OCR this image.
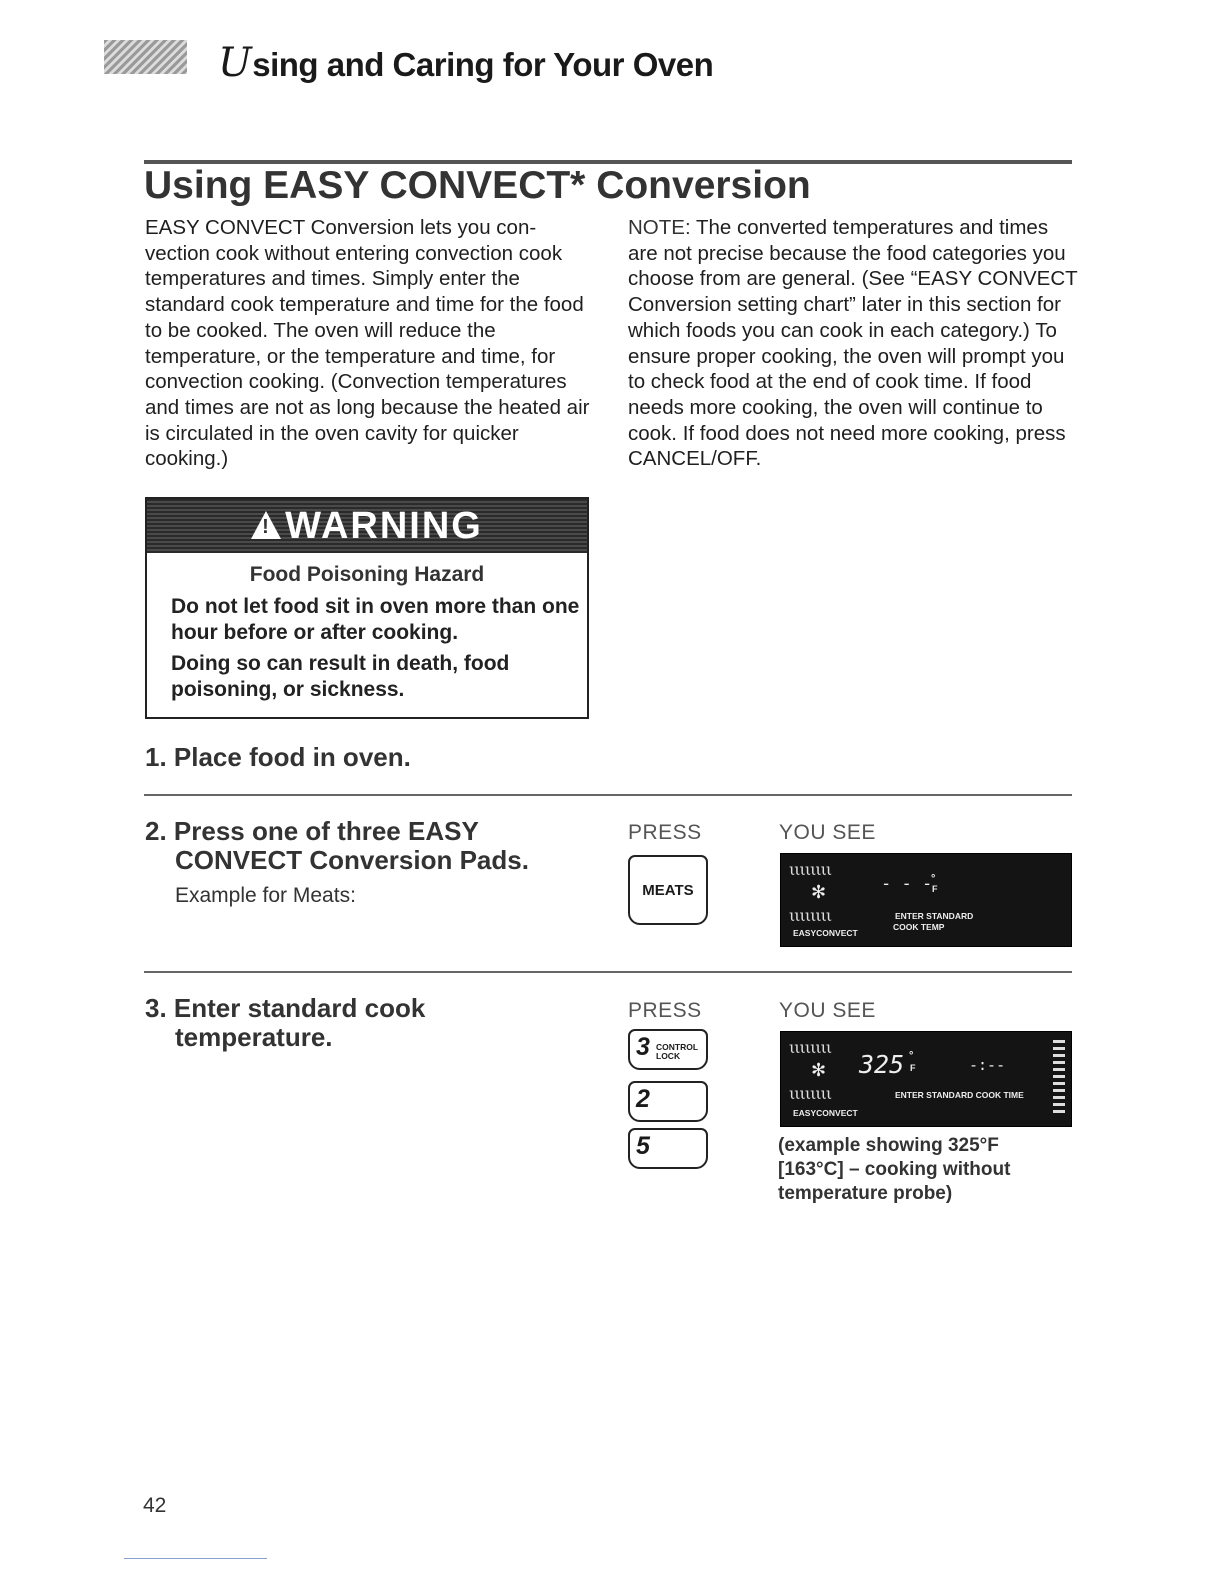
Using and Caring for Your Oven
Using EASY CONVECT* Conversion

EASY CONVECT Conversion lets you con-vection cook without entering convection cook temperatures and times. Simply enter the standard cook temperature and time for the food to be cooked. The oven will reduce the temperature, or the temperature and time, for convection cooking. (Convection temperatures and times are not as long because the heated air is circulated in the oven cavity for quicker cooking.)

NOTE: The converted temperatures and times are not precise because the food categories you choose from are general. (See “EASY CONVECT Conversion setting chart” later in this section for which foods you can cook in each category.) To ensure proper cooking, the oven will prompt you to check food at the end of cook time. If food needs more cooking, the oven will continue to cook. If food does not need more cooking, press CANCEL/OFF.

!
WARNING
Food Poisoning Hazard

Do not let food sit in oven more than one hour before or after cooking.

Doing so can result in death, food poisoning, or sickness.

1. Place food in oven.
2. Press one of three EASY
CONVECT Conversion Pads.
Example for Meats:
PRESS	YOU SEE
MEATS
ιιιιιιιι
✻
ιιιιιιιι
EASYCONVECT
- - -
°
F
ENTER STANDARD
COOK TEMP
3. Enter standard cook
temperature.
PRESS	YOU SEE
3 CONTROL
LOCK
2
5
ιιιιιιιι
✻
ιιιιιιιι
EASYCONVECT
325 °
F	-:--
ENTER STANDARD COOK TIME

(example showing 325°F [163°C] – cooking without temperature probe)

42
